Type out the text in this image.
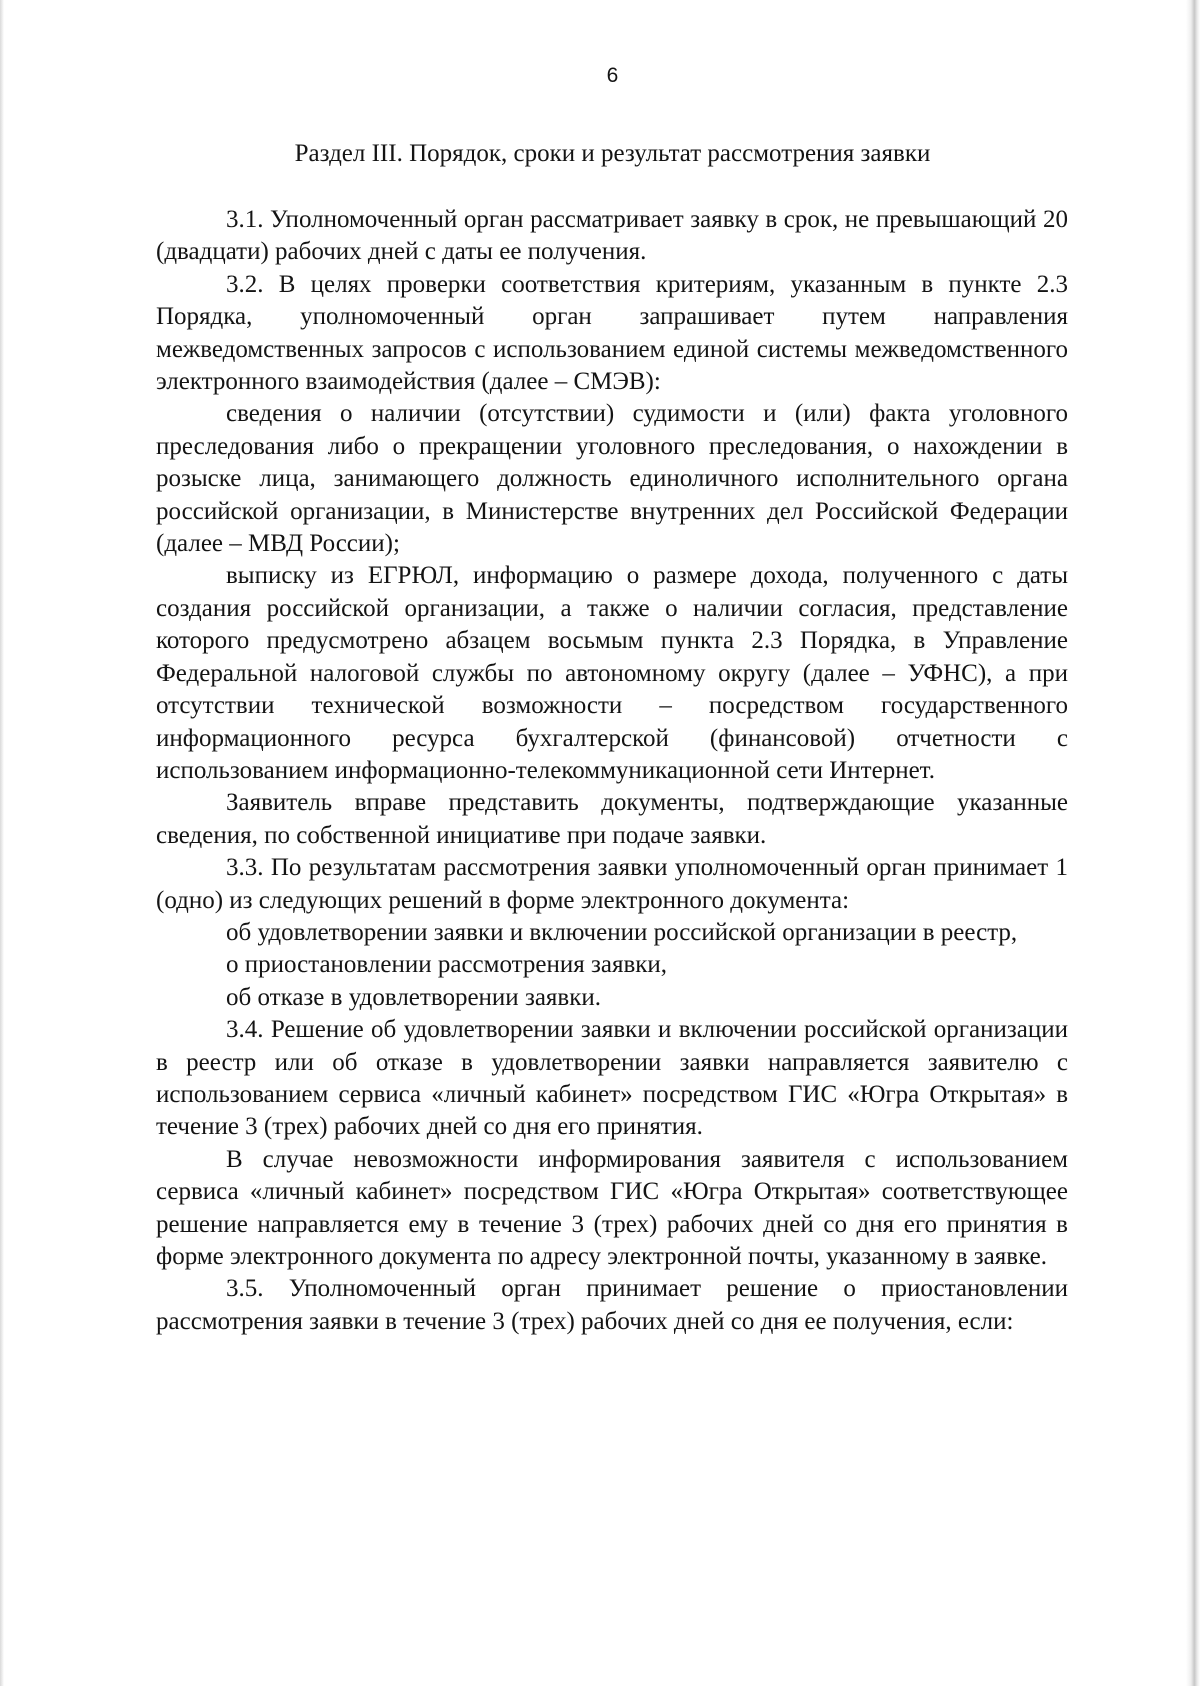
6
Раздел III. Порядок, сроки и результат рассмотрения заявки

3.1. Уполномоченный орган рассматривает заявку в срок, не превышающий 20 (двадцати) рабочих дней с даты ее получения.

3.2. В целях проверки соответствия критериям, указанным в пункте 2.3 Порядка, уполномоченный орган запрашивает путем направления межведомственных запросов с использованием единой системы межведомственного электронного взаимодействия (далее – СМЭВ):

сведения о наличии (отсутствии) судимости и (или) факта уголовного преследования либо о прекращении уголовного преследования, о нахождении в розыске лица, занимающего должность единоличного исполнительного органа российской организации, в Министерстве внутренних дел Российской Федерации (далее – МВД России);

выписку из ЕГРЮЛ, информацию о размере дохода, полученного с даты создания российской организации, а также о наличии согласия, представление которого предусмотрено абзацем восьмым пункта 2.3 Порядка, в Управление Федеральной налоговой службы по автономному округу (далее – УФНС), а при отсутствии технической возможности – посредством государственного информационного ресурса бухгалтерской (финансовой) отчетности с использованием информационно-телекоммуникационной сети Интернет.

Заявитель вправе представить документы, подтверждающие указанные сведения, по собственной инициативе при подаче заявки.

3.3. По результатам рассмотрения заявки уполномоченный орган принимает 1 (одно) из следующих решений в форме электронного документа:

об удовлетворении заявки и включении российской организации в реестр,

о приостановлении рассмотрения заявки,

об отказе в удовлетворении заявки.

3.4. Решение об удовлетворении заявки и включении российской организации в реестр или об отказе в удовлетворении заявки направляется заявителю с использованием сервиса «личный кабинет» посредством ГИС «Югра Открытая» в течение 3 (трех) рабочих дней со дня его принятия.

В случае невозможности информирования заявителя с использованием сервиса «личный кабинет» посредством ГИС «Югра Открытая» соответствующее решение направляется ему в течение 3 (трех) рабочих дней со дня его принятия в форме электронного документа по адресу электронной почты, указанному в заявке.

3.5. Уполномоченный орган принимает решение о приостановлении рассмотрения заявки в течение 3 (трех) рабочих дней со дня ее получения, если:
